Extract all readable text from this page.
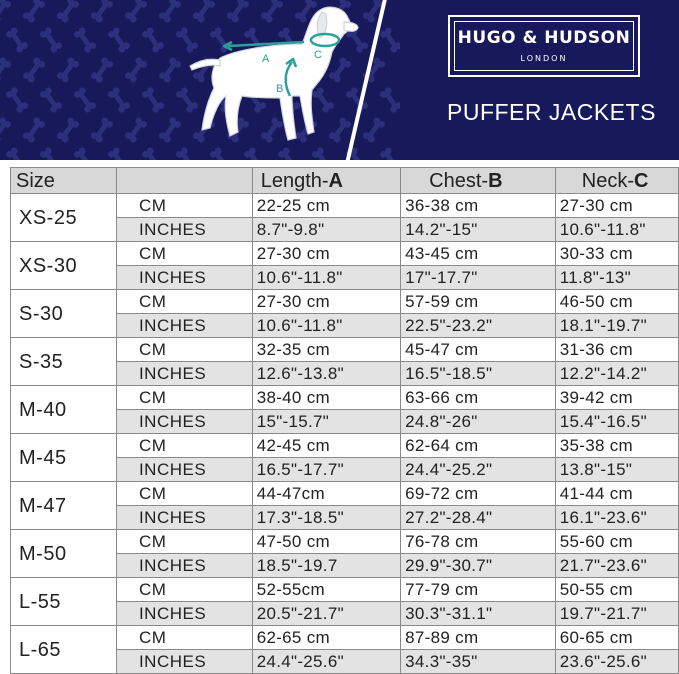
A
B
C
HUGO & HUDSON
LONDON
PUFFER JACKETS
Size		Length-A	Chest-B	Neck-C
XS-25	CM	22-25 cm	36-38 cm	27-30 cm
	INCHES	8.7"-9.8"	14.2"-15"	10.6"-11.8"
XS-30	CM	27-30 cm	43-45 cm	30-33 cm
	INCHES	10.6"-11.8"	17"-17.7"	11.8"-13"
S-30	CM	27-30 cm	57-59 cm	46-50 cm
	INCHES	10.6"-11.8"	22.5"-23.2"	18.1"-19.7"
S-35	CM	32-35 cm	45-47 cm	31-36 cm
	INCHES	12.6"-13.8"	16.5"-18.5"	12.2"-14.2"
M-40	CM	38-40 cm	63-66 cm	39-42 cm
	INCHES	15"-15.7"	24.8"-26"	15.4"-16.5"
M-45	CM	42-45 cm	62-64 cm	35-38 cm
	INCHES	16.5"-17.7"	24.4"-25.2"	13.8"-15"
M-47	CM	44-47cm	69-72 cm	41-44 cm
	INCHES	17.3"-18.5"	27.2"-28.4"	16.1"-23.6"
M-50	CM	47-50 cm	76-78 cm	55-60 cm
	INCHES	18.5"-19.7	29.9"-30.7"	21.7"-23.6"
L-55	CM	52-55cm	77-79 cm	50-55 cm
	INCHES	20.5"-21.7"	30.3"-31.1"	19.7"-21.7"
L-65	CM	62-65 cm	87-89 cm	60-65 cm
	INCHES	24.4"-25.6"	34.3"-35"	23.6"-25.6"
